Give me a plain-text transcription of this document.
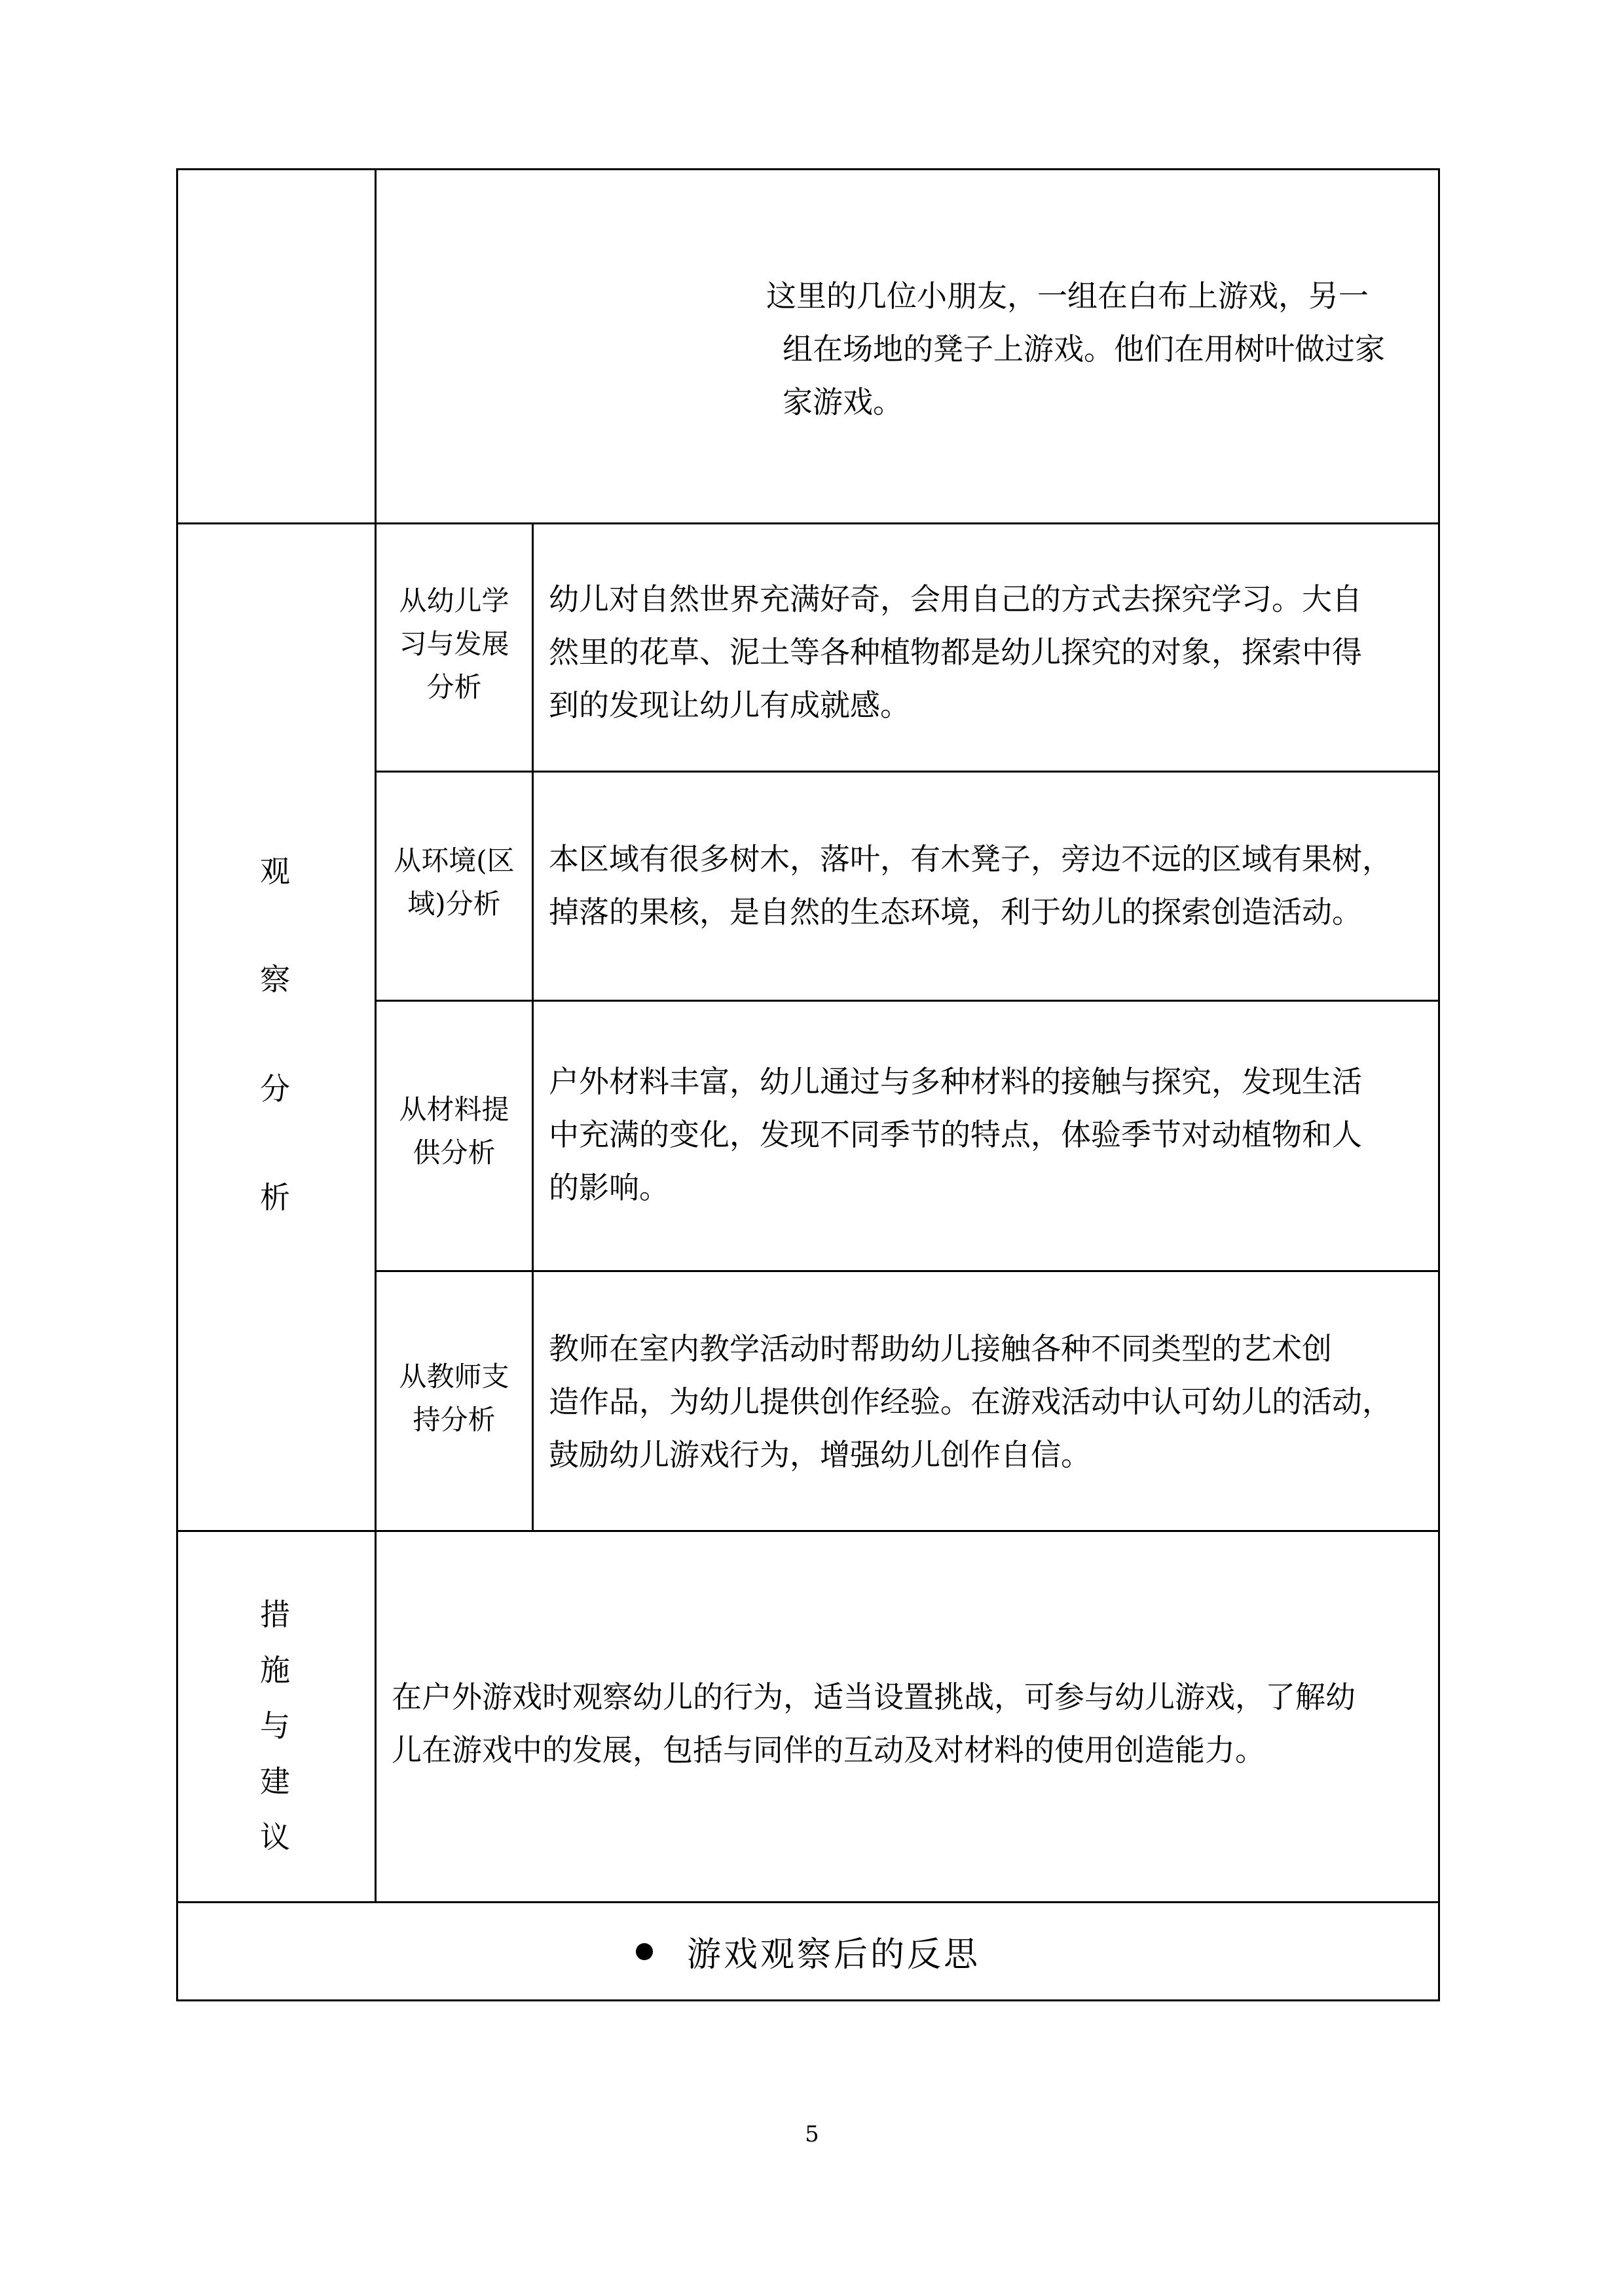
这里的几位小朋友，一组在白布上游戏，另一
组在场地的凳子上游戏。他们在用树叶做过家
家游戏。
观
察
分
析
从幼儿学
习与发展
分析
幼儿对自然世界充满好奇，会用自己的方式去探究学习。大自
然里的花草、泥土等各种植物都是幼儿探究的对象，探索中得
到的发现让幼儿有成就感。
从环境(区
域)分析
本区域有很多树木，落叶，有木凳子，旁边不远的区域有果树，
掉落的果核，是自然的生态环境，利于幼儿的探索创造活动。
从材料提
供分析
户外材料丰富，幼儿通过与多种材料的接触与探究，发现生活
中充满的变化，发现不同季节的特点，体验季节对动植物和人
的影响。
从教师支
持分析
教师在室内教学活动时帮助幼儿接触各种不同类型的艺术创
造作品，为幼儿提供创作经验。在游戏活动中认可幼儿的活动，
鼓励幼儿游戏行为，增强幼儿创作自信。
措
施
与
建
议
在户外游戏时观察幼儿的行为，适当设置挑战，可参与幼儿游戏，了解幼
儿在游戏中的发展，包括与同伴的互动及对材料的使用创造能力。
游戏观察后的反思
5
